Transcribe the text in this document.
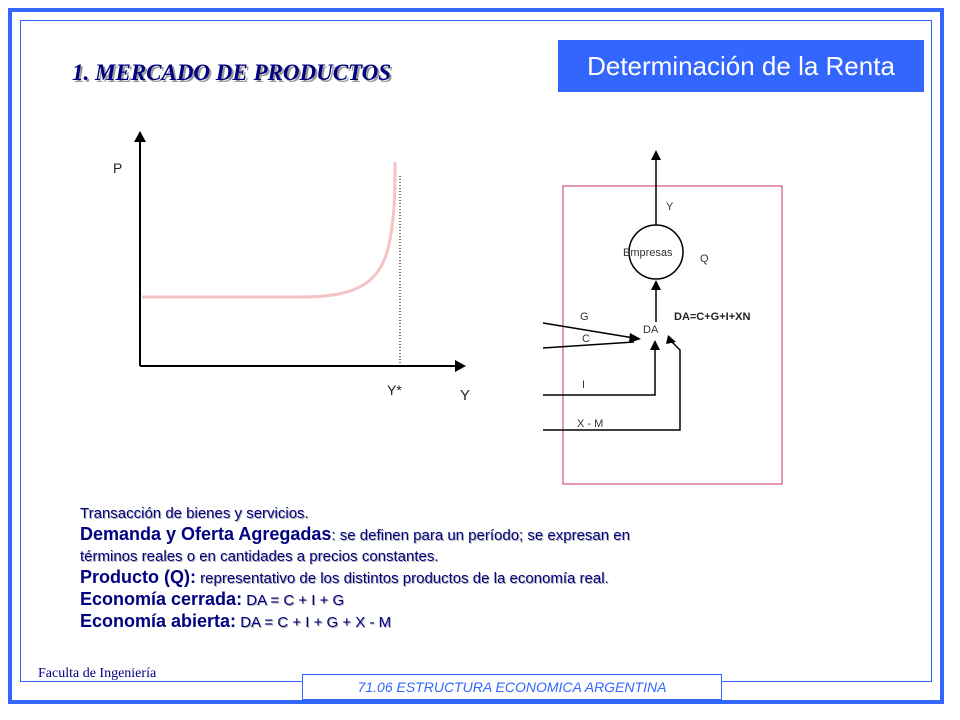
Determinación de la Renta
1. MERCADO DE PRODUCTOS
P
Y*	Y
Y
Empresas Q
DA
DA=C+G+I+XN
G
C
I
X - M
Transacción de bienes y servicios.
Demanda y Oferta Agregadas: se definen para un período; se expresan en
términos reales o en cantidades a precios constantes.
Producto (Q): representativo de los distintos productos de la economía real.
Economía cerrada: DA = C + I + G
Economía abierta: DA = C + I + G + X - M
Faculta de Ingeniería
71.06 ESTRUCTURA ECONOMICA ARGENTINA
